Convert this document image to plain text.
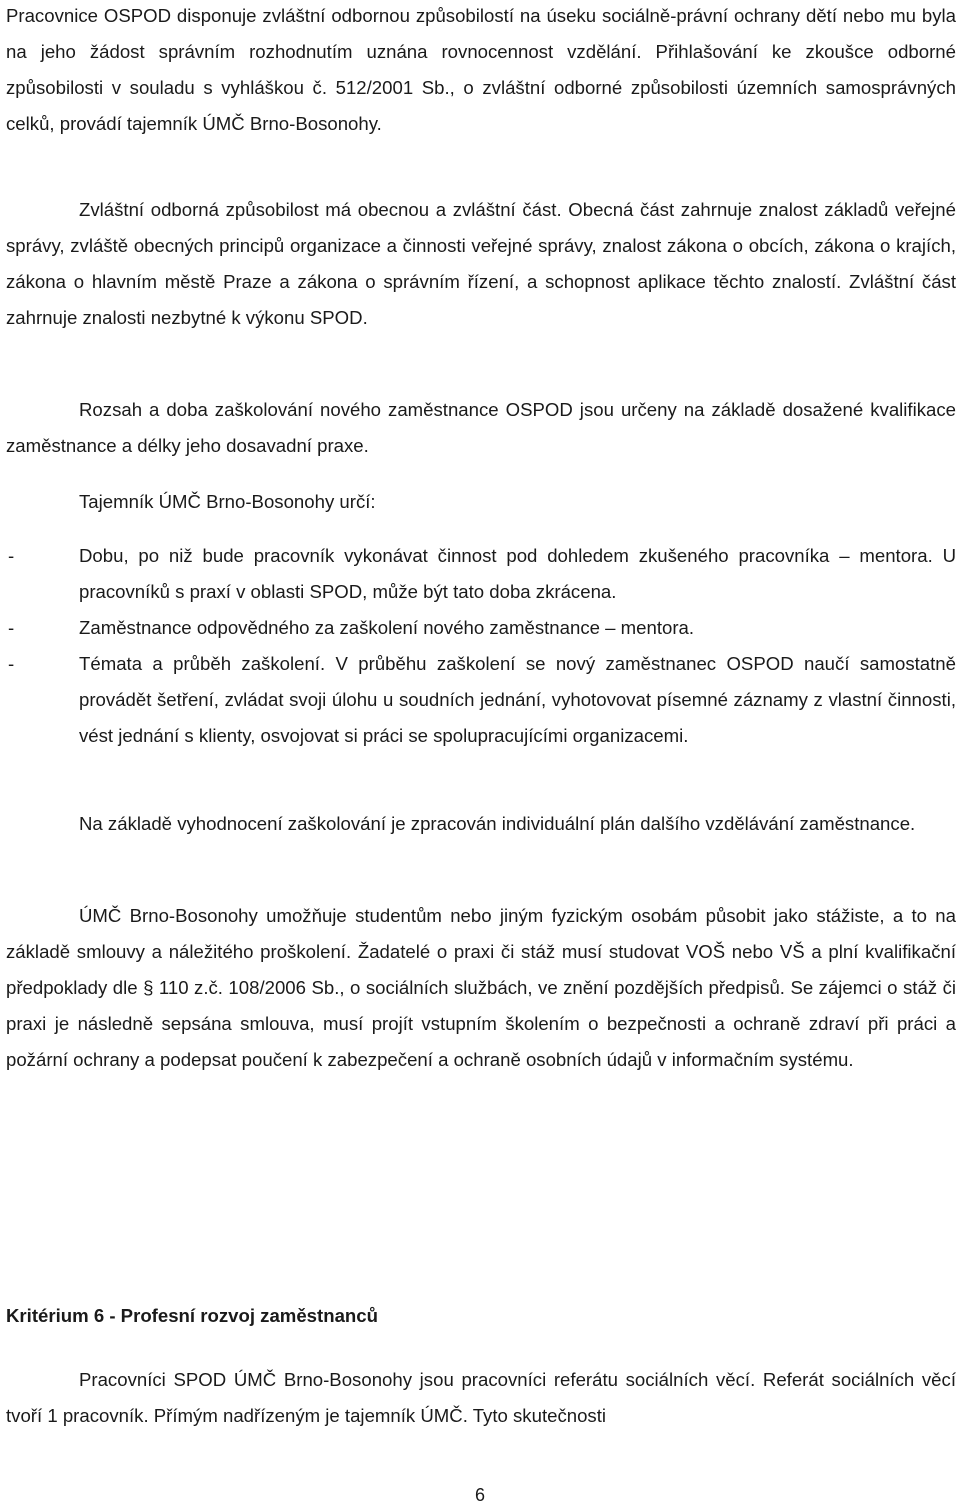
Pracovnice OSPOD disponuje zvláštní odbornou způsobilostí na úseku sociálně-právní ochrany dětí nebo mu byla na jeho žádost správním rozhodnutím uznána rovnocennost vzdělání. Přihlašování ke zkoušce odborné způsobilosti v souladu s vyhláškou č. 512/2001 Sb., o zvláštní odborné způsobilosti územních samosprávných celků, provádí tajemník ÚMČ Brno-Bosonohy.

Zvláštní odborná způsobilost má obecnou a zvláštní část. Obecná část zahrnuje znalost základů veřejné správy, zvláště obecných principů organizace a činnosti veřejné správy, znalost zákona o obcích, zákona o krajích, zákona o hlavním městě Praze a zákona o správním řízení, a schopnost aplikace těchto znalostí. Zvláštní část zahrnuje znalosti nezbytné k výkonu SPOD.

Rozsah a doba zaškolování nového zaměstnance OSPOD jsou určeny na základě dosažené kvalifikace zaměstnance a délky jeho dosavadní praxe.

Tajemník ÚMČ Brno-Bosonohy určí:

-	Dobu, po niž bude pracovník vykonávat činnost pod dohledem zkušeného pracovníka – mentora. U pracovníků s praxí v oblasti SPOD, může být tato doba zkrácena.
-	Zaměstnance odpovědného za zaškolení nového zaměstnance – mentora.
-	Témata a průběh zaškolení. V průběhu zaškolení se nový zaměstnanec OSPOD naučí samostatně provádět šetření, zvládat svoji úlohu u soudních jednání, vyhotovovat písemné záznamy z vlastní činnosti, vést jednání s klienty, osvojovat si práci se spolupracujícími organizacemi.

Na základě vyhodnocení zaškolování je zpracován individuální plán dalšího vzdělávání zaměstnance.

ÚMČ Brno-Bosonohy umožňuje studentům nebo jiným fyzickým osobám působit jako stážiste, a to na základě smlouvy a náležitého proškolení. Žadatelé o praxi či stáž musí studovat VOŠ nebo VŠ a plní kvalifikační předpoklady dle § 110 z.č. 108/2006 Sb., o sociálních službách, ve znění pozdějších předpisů. Se zájemci o stáž či praxi je následně sepsána smlouva, musí projít vstupním školením o bezpečnosti a ochraně zdraví při práci a požární ochrany a podepsat poučení k zabezpečení a ochraně osobních údajů v informačním systému.

Kritérium 6 - Profesní rozvoj zaměstnanců

Pracovníci SPOD ÚMČ Brno-Bosonohy jsou pracovníci referátu sociálních věcí. Referát sociálních věcí tvoří 1 pracovník. Přímým nadřízeným je tajemník ÚMČ. Tyto skutečnosti

6
